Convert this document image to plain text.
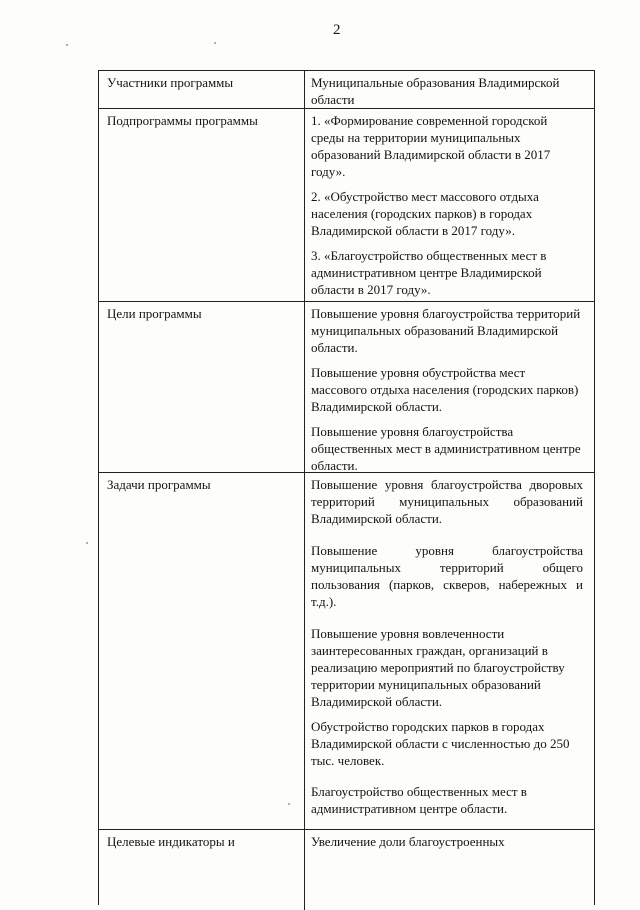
2
Участники программы	Муниципальные образования Владимирской области

Подпрограммы программы	1. «Формирование современной городской среды на территории муниципальных образований Владимирской области в 2017 году».

2. «Обустройство мест массового отдыха населения (городских парков) в городах Владимирской области в 2017 году».

3. «Благоустройство общественных мест в административном центре Владимирской области в 2017 году».

Цели программы	Повышение уровня благоустройства территорий муниципальных образований Владимирской области.

Повышение уровня обустройства мест массового отдыха населения (городских парков) Владимирской области.

Повышение уровня благоустройства общественных мест в административном центре области.

Задачи программы	Повышение уровня благоустройства дворовых территорий муниципальных образований Владимирской области.

Повышение уровня благоустройства муниципальных территорий общего пользования (парков, скверов, набережных и т.д.).

Повышение уровня вовлеченности заинтересованных граждан, организаций в реализацию мероприятий по благоустройству территории муниципальных образований Владимирской области.

Обустройство городских парков в городах Владимирской области с численностью до 250 тыс. человек.

Благоустройство общественных мест в административном центре области.

Целевые индикаторы и	Увеличение доли благоустроенных
